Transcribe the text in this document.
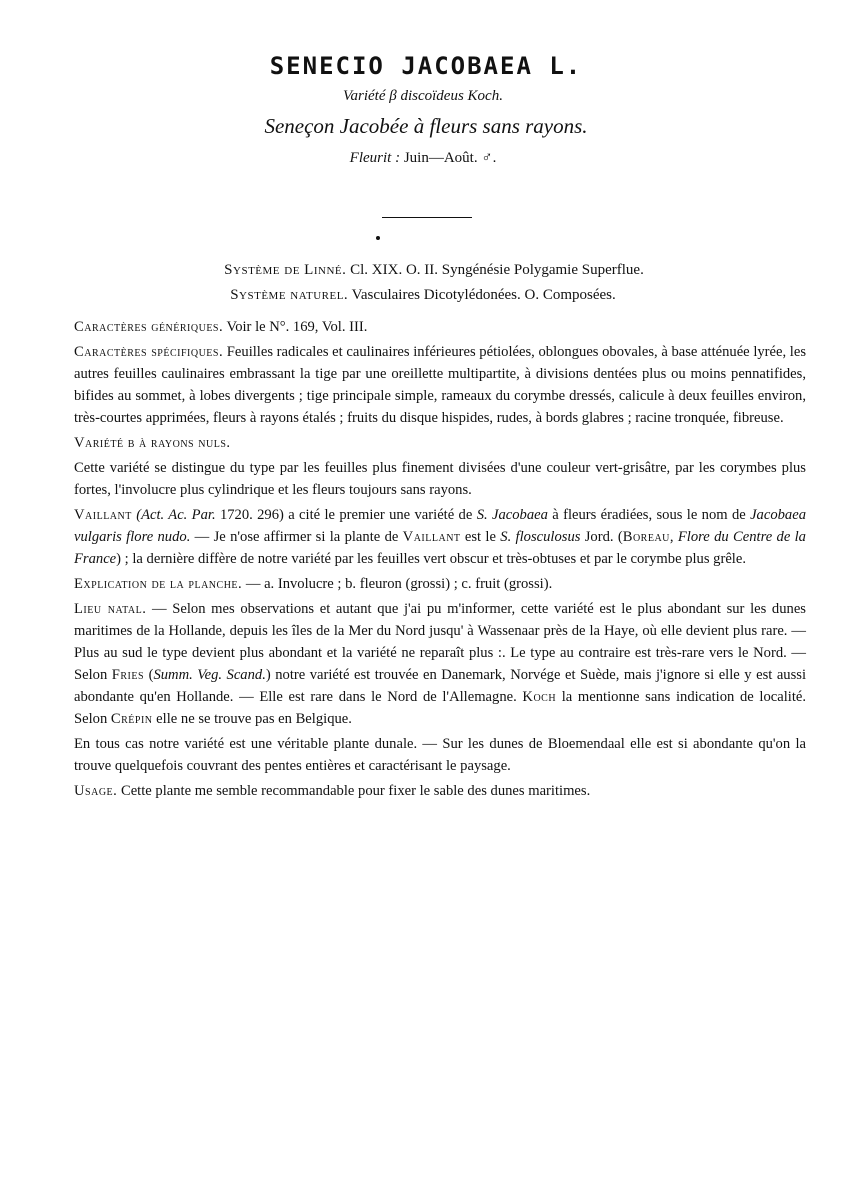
SENECIO JACOBAEA L.
Variété β discoïdeus Koch.
Seneçon Jacobée à fleurs sans rayons.
Fleurit : Juin—Août. ♂.
Système de Linné. Cl. XIX. O. II. Syngénésie Polygamie Superflue.
Système naturel. Vasculaires Dicotylédonées. O. Composées.

Caractères génériques. Voir le N°. 169, Vol. III.

Caractères spécifiques. Feuilles radicales et caulinaires inférieures pétiolées, oblongues obovales, à base atténuée lyrée, les autres feuilles caulinaires embrassant la tige par une oreillette multipartite, à divisions dentées plus ou moins pennatifides, bifides au sommet, à lobes divergents ; tige principale simple, rameaux du corymbe dressés, calicule à deux feuilles environ, très-courtes apprimées, fleurs à rayons étalés ; fruits du disque hispides, rudes, à bords glabres ; racine tronquée, fibreuse.

Variété β à rayons nuls.

Cette variété se distingue du type par les feuilles plus finement divisées d'une couleur vert-grisâtre, par les corymbes plus fortes, l'involucre plus cylindrique et les fleurs toujours sans rayons.

Vaillant (Act. Ac. Par. 1720. 296) a cité le premier une variété de S. Jacobaea à fleurs éradiées, sous le nom de Jacobaea vulgaris flore nudo. — Je n'ose affirmer si la plante de Vaillant est le S. flosculosus Jord. (Boreau, Flore du Centre de la France) ; la dernière diffère de notre variété par les feuilles vert obscur et très-obtuses et par le corymbe plus grêle.

Explication de la planche. — a. Involucre ; b. fleuron (grossi) ; c. fruit (grossi).

Lieu natal. — Selon mes observations et autant que j'ai pu m'informer, cette variété est le plus abondant sur les dunes maritimes de la Hollande, depuis les îles de la Mer du Nord jusqu' à Wassenaar près de la Haye, où elle devient plus rare. — Plus au sud le type devient plus abondant et la variété ne reparaît plus :. Le type au contraire est très-rare vers le Nord. — Selon Fries (Summ. Veg. Scand.) notre variété est trouvée en Danemark, Norvége et Suède, mais j'ignore si elle y est aussi abondante qu'en Hollande. — Elle est rare dans le Nord de l'Allemagne. Koch la mentionne sans indication de localité. Selon Crépin elle ne se trouve pas en Belgique.

En tous cas notre variété est une véritable plante dunale. — Sur les dunes de Bloemendaal elle est si abondante qu'on la trouve quelquefois couvrant des pentes entières et caractérisant le paysage.

Usage. Cette plante me semble recommandable pour fixer le sable des dunes maritimes.
